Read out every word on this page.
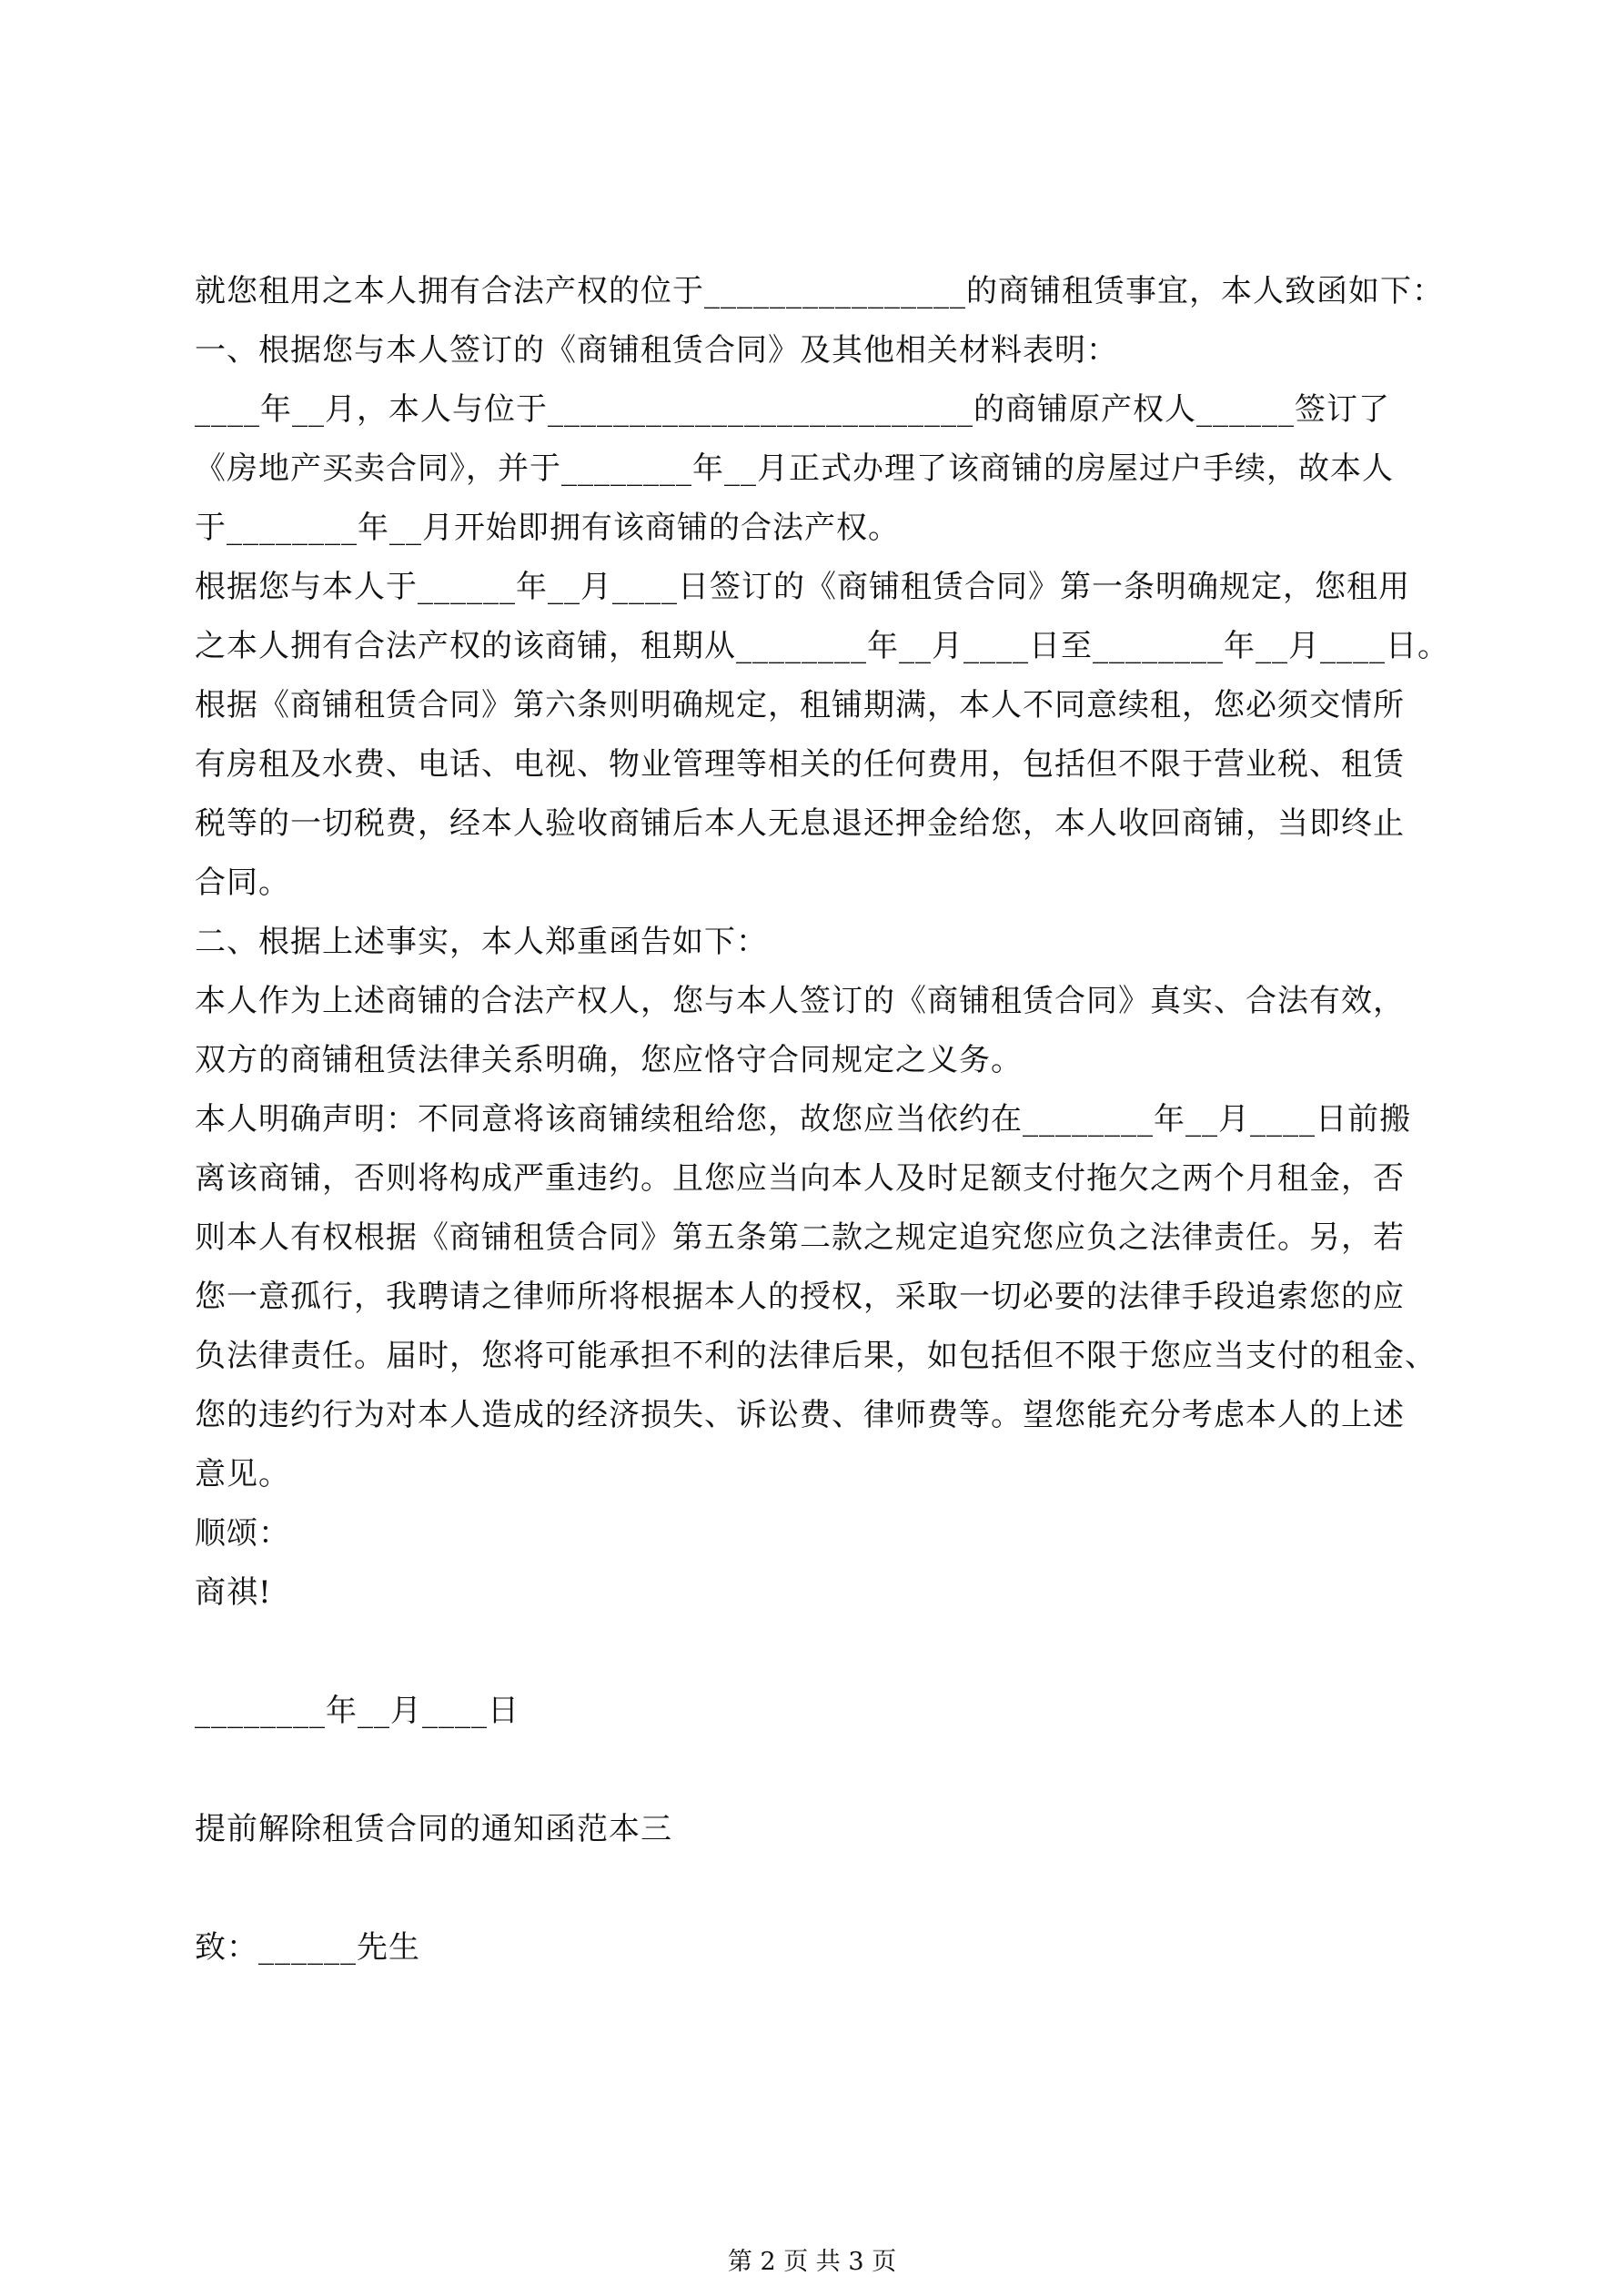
就您租用之本人拥有合法产权的位于________________的商铺租赁事宜，本人致函如下：
一、根据您与本人签订的《商铺租赁合同》及其他相关材料表明：
____年__月，本人与位于__________________________的商铺原产权人______签订了
《房地产买卖合同》，并于________年__月正式办理了该商铺的房屋过户手续，故本人
于________年__月开始即拥有该商铺的合法产权。
根据您与本人于______年__月____日签订的《商铺租赁合同》第一条明确规定，您租用
之本人拥有合法产权的该商铺，租期从________年__月____日至________年__月____日。
根据《商铺租赁合同》第六条则明确规定，租铺期满，本人不同意续租，您必须交情所
有房租及水费、电话、电视、物业管理等相关的任何费用，包括但不限于营业税、租赁
税等的一切税费，经本人验收商铺后本人无息退还押金给您，本人收回商铺，当即终止
合同。
二、根据上述事实，本人郑重函告如下：
本人作为上述商铺的合法产权人，您与本人签订的《商铺租赁合同》真实、合法有效，
双方的商铺租赁法律关系明确，您应恪守合同规定之义务。
本人明确声明：不同意将该商铺续租给您，故您应当依约在________年__月____日前搬
离该商铺，否则将构成严重违约。且您应当向本人及时足额支付拖欠之两个月租金，否
则本人有权根据《商铺租赁合同》第五条第二款之规定追究您应负之法律责任。另，若
您一意孤行，我聘请之律师所将根据本人的授权，采取一切必要的法律手段追索您的应
负法律责任。届时，您将可能承担不利的法律后果，如包括但不限于您应当支付的租金、
您的违约行为对本人造成的经济损失、诉讼费、律师费等。望您能充分考虑本人的上述
意见。
顺颂：
商祺!
________年__月____日
提前解除租赁合同的通知函范本三
致：______先生
第 2 页 共 3 页
